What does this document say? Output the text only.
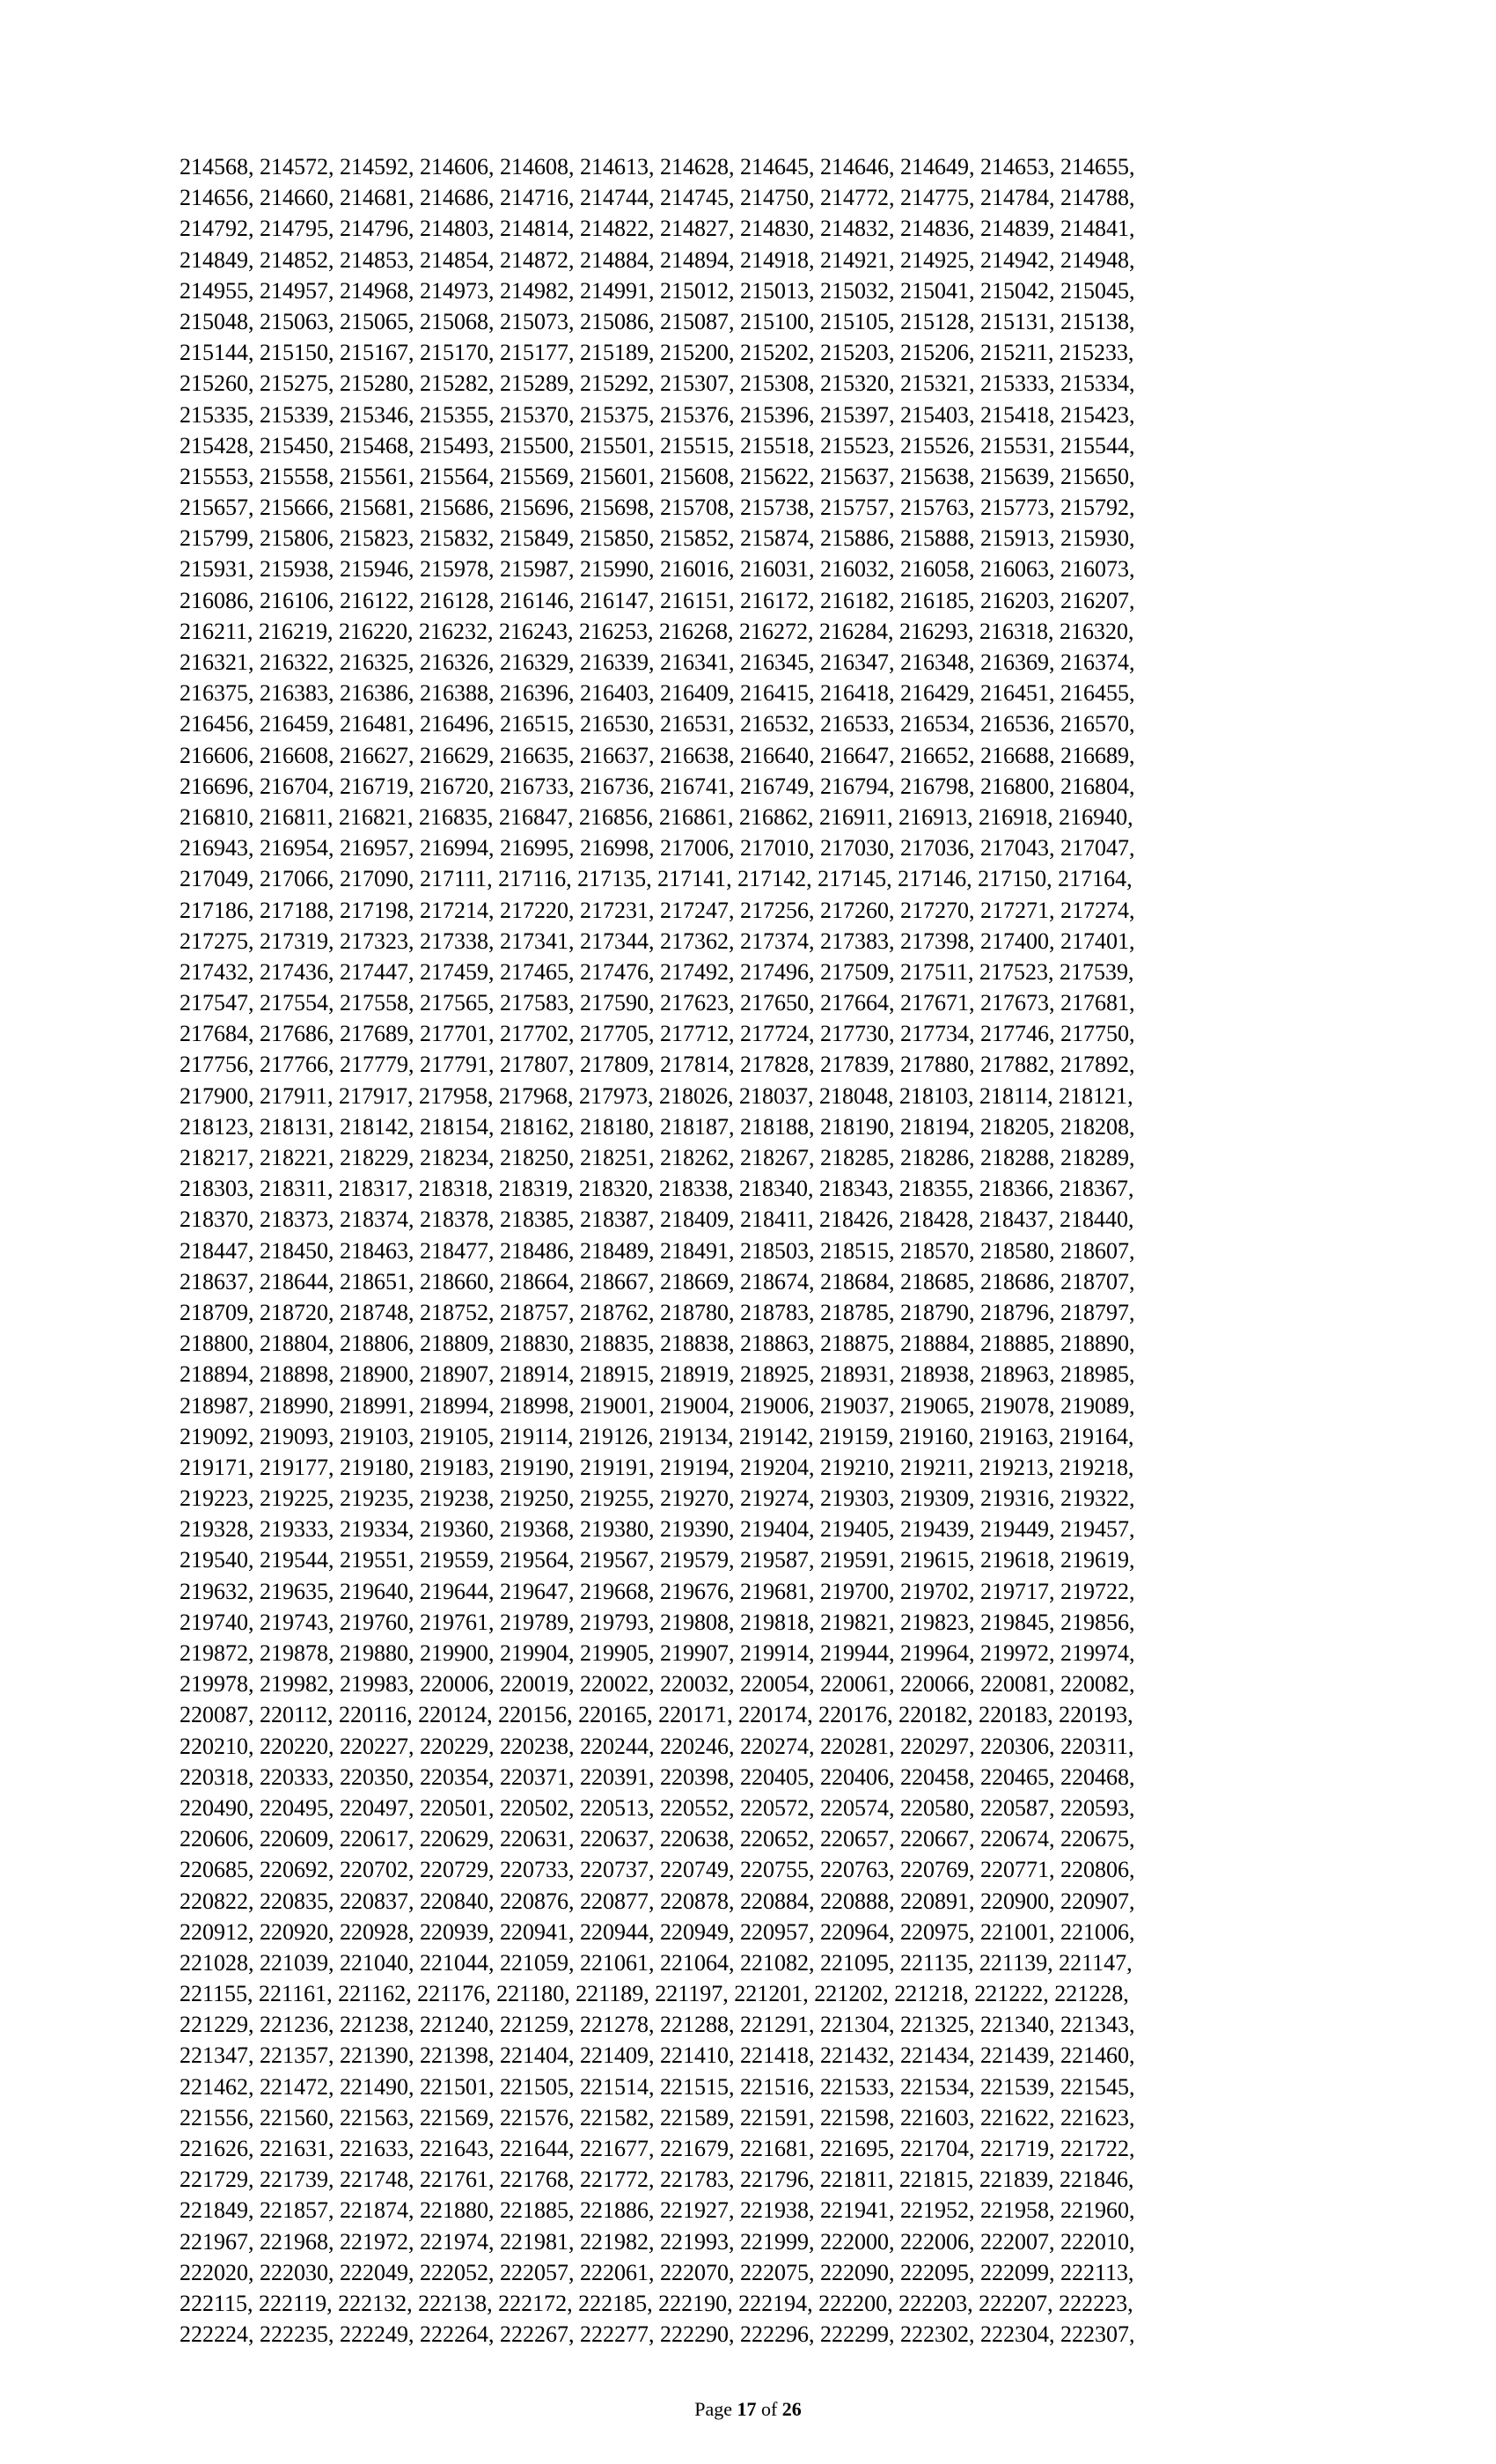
214568, 214572, 214592, 214606, 214608, 214613, 214628, 214645, 214646, 214649, 214653, 214655,
214656, 214660, 214681, 214686, 214716, 214744, 214745, 214750, 214772, 214775, 214784, 214788,
214792, 214795, 214796, 214803, 214814, 214822, 214827, 214830, 214832, 214836, 214839, 214841,
214849, 214852, 214853, 214854, 214872, 214884, 214894, 214918, 214921, 214925, 214942, 214948,
214955, 214957, 214968, 214973, 214982, 214991, 215012, 215013, 215032, 215041, 215042, 215045,
215048, 215063, 215065, 215068, 215073, 215086, 215087, 215100, 215105, 215128, 215131, 215138,
215144, 215150, 215167, 215170, 215177, 215189, 215200, 215202, 215203, 215206, 215211, 215233,
215260, 215275, 215280, 215282, 215289, 215292, 215307, 215308, 215320, 215321, 215333, 215334,
215335, 215339, 215346, 215355, 215370, 215375, 215376, 215396, 215397, 215403, 215418, 215423,
215428, 215450, 215468, 215493, 215500, 215501, 215515, 215518, 215523, 215526, 215531, 215544,
215553, 215558, 215561, 215564, 215569, 215601, 215608, 215622, 215637, 215638, 215639, 215650,
215657, 215666, 215681, 215686, 215696, 215698, 215708, 215738, 215757, 215763, 215773, 215792,
215799, 215806, 215823, 215832, 215849, 215850, 215852, 215874, 215886, 215888, 215913, 215930,
215931, 215938, 215946, 215978, 215987, 215990, 216016, 216031, 216032, 216058, 216063, 216073,
216086, 216106, 216122, 216128, 216146, 216147, 216151, 216172, 216182, 216185, 216203, 216207,
216211, 216219, 216220, 216232, 216243, 216253, 216268, 216272, 216284, 216293, 216318, 216320,
216321, 216322, 216325, 216326, 216329, 216339, 216341, 216345, 216347, 216348, 216369, 216374,
216375, 216383, 216386, 216388, 216396, 216403, 216409, 216415, 216418, 216429, 216451, 216455,
216456, 216459, 216481, 216496, 216515, 216530, 216531, 216532, 216533, 216534, 216536, 216570,
216606, 216608, 216627, 216629, 216635, 216637, 216638, 216640, 216647, 216652, 216688, 216689,
216696, 216704, 216719, 216720, 216733, 216736, 216741, 216749, 216794, 216798, 216800, 216804,
216810, 216811, 216821, 216835, 216847, 216856, 216861, 216862, 216911, 216913, 216918, 216940,
216943, 216954, 216957, 216994, 216995, 216998, 217006, 217010, 217030, 217036, 217043, 217047,
217049, 217066, 217090, 217111, 217116, 217135, 217141, 217142, 217145, 217146, 217150, 217164,
217186, 217188, 217198, 217214, 217220, 217231, 217247, 217256, 217260, 217270, 217271, 217274,
217275, 217319, 217323, 217338, 217341, 217344, 217362, 217374, 217383, 217398, 217400, 217401,
217432, 217436, 217447, 217459, 217465, 217476, 217492, 217496, 217509, 217511, 217523, 217539,
217547, 217554, 217558, 217565, 217583, 217590, 217623, 217650, 217664, 217671, 217673, 217681,
217684, 217686, 217689, 217701, 217702, 217705, 217712, 217724, 217730, 217734, 217746, 217750,
217756, 217766, 217779, 217791, 217807, 217809, 217814, 217828, 217839, 217880, 217882, 217892,
217900, 217911, 217917, 217958, 217968, 217973, 218026, 218037, 218048, 218103, 218114, 218121,
218123, 218131, 218142, 218154, 218162, 218180, 218187, 218188, 218190, 218194, 218205, 218208,
218217, 218221, 218229, 218234, 218250, 218251, 218262, 218267, 218285, 218286, 218288, 218289,
218303, 218311, 218317, 218318, 218319, 218320, 218338, 218340, 218343, 218355, 218366, 218367,
218370, 218373, 218374, 218378, 218385, 218387, 218409, 218411, 218426, 218428, 218437, 218440,
218447, 218450, 218463, 218477, 218486, 218489, 218491, 218503, 218515, 218570, 218580, 218607,
218637, 218644, 218651, 218660, 218664, 218667, 218669, 218674, 218684, 218685, 218686, 218707,
218709, 218720, 218748, 218752, 218757, 218762, 218780, 218783, 218785, 218790, 218796, 218797,
218800, 218804, 218806, 218809, 218830, 218835, 218838, 218863, 218875, 218884, 218885, 218890,
218894, 218898, 218900, 218907, 218914, 218915, 218919, 218925, 218931, 218938, 218963, 218985,
218987, 218990, 218991, 218994, 218998, 219001, 219004, 219006, 219037, 219065, 219078, 219089,
219092, 219093, 219103, 219105, 219114, 219126, 219134, 219142, 219159, 219160, 219163, 219164,
219171, 219177, 219180, 219183, 219190, 219191, 219194, 219204, 219210, 219211, 219213, 219218,
219223, 219225, 219235, 219238, 219250, 219255, 219270, 219274, 219303, 219309, 219316, 219322,
219328, 219333, 219334, 219360, 219368, 219380, 219390, 219404, 219405, 219439, 219449, 219457,
219540, 219544, 219551, 219559, 219564, 219567, 219579, 219587, 219591, 219615, 219618, 219619,
219632, 219635, 219640, 219644, 219647, 219668, 219676, 219681, 219700, 219702, 219717, 219722,
219740, 219743, 219760, 219761, 219789, 219793, 219808, 219818, 219821, 219823, 219845, 219856,
219872, 219878, 219880, 219900, 219904, 219905, 219907, 219914, 219944, 219964, 219972, 219974,
219978, 219982, 219983, 220006, 220019, 220022, 220032, 220054, 220061, 220066, 220081, 220082,
220087, 220112, 220116, 220124, 220156, 220165, 220171, 220174, 220176, 220182, 220183, 220193,
220210, 220220, 220227, 220229, 220238, 220244, 220246, 220274, 220281, 220297, 220306, 220311,
220318, 220333, 220350, 220354, 220371, 220391, 220398, 220405, 220406, 220458, 220465, 220468,
220490, 220495, 220497, 220501, 220502, 220513, 220552, 220572, 220574, 220580, 220587, 220593,
220606, 220609, 220617, 220629, 220631, 220637, 220638, 220652, 220657, 220667, 220674, 220675,
220685, 220692, 220702, 220729, 220733, 220737, 220749, 220755, 220763, 220769, 220771, 220806,
220822, 220835, 220837, 220840, 220876, 220877, 220878, 220884, 220888, 220891, 220900, 220907,
220912, 220920, 220928, 220939, 220941, 220944, 220949, 220957, 220964, 220975, 221001, 221006,
221028, 221039, 221040, 221044, 221059, 221061, 221064, 221082, 221095, 221135, 221139, 221147,
221155, 221161, 221162, 221176, 221180, 221189, 221197, 221201, 221202, 221218, 221222, 221228,
221229, 221236, 221238, 221240, 221259, 221278, 221288, 221291, 221304, 221325, 221340, 221343,
221347, 221357, 221390, 221398, 221404, 221409, 221410, 221418, 221432, 221434, 221439, 221460,
221462, 221472, 221490, 221501, 221505, 221514, 221515, 221516, 221533, 221534, 221539, 221545,
221556, 221560, 221563, 221569, 221576, 221582, 221589, 221591, 221598, 221603, 221622, 221623,
221626, 221631, 221633, 221643, 221644, 221677, 221679, 221681, 221695, 221704, 221719, 221722,
221729, 221739, 221748, 221761, 221768, 221772, 221783, 221796, 221811, 221815, 221839, 221846,
221849, 221857, 221874, 221880, 221885, 221886, 221927, 221938, 221941, 221952, 221958, 221960,
221967, 221968, 221972, 221974, 221981, 221982, 221993, 221999, 222000, 222006, 222007, 222010,
222020, 222030, 222049, 222052, 222057, 222061, 222070, 222075, 222090, 222095, 222099, 222113,
222115, 222119, 222132, 222138, 222172, 222185, 222190, 222194, 222200, 222203, 222207, 222223,
222224, 222235, 222249, 222264, 222267, 222277, 222290, 222296, 222299, 222302, 222304, 222307,
Page 17 of 26
